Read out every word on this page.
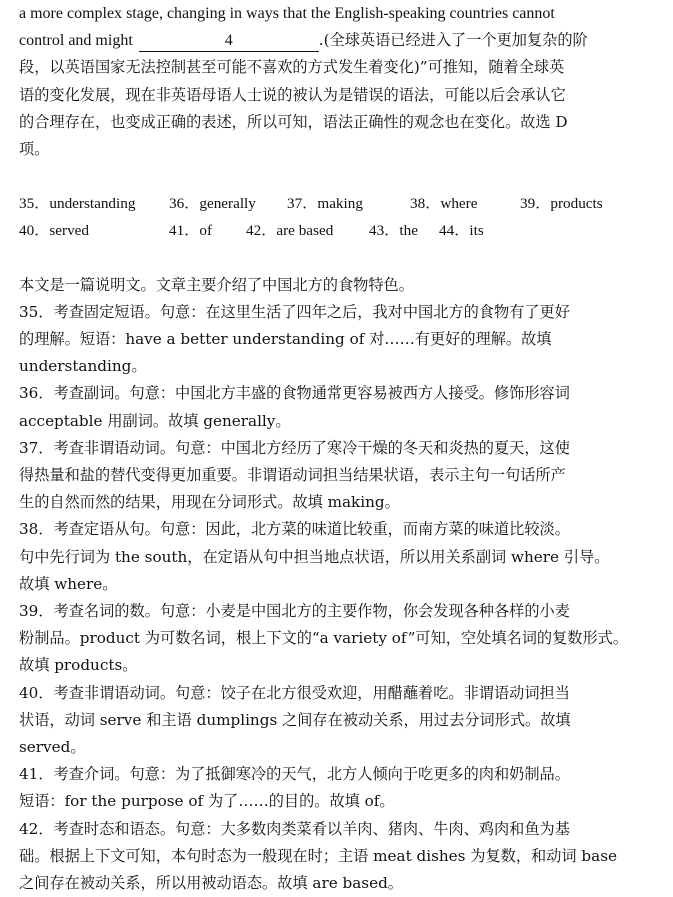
a more complex stage, changing in ways that the English-speaking countries cannot
control and might	4	.(全球英语已经进入了一个更加复杂的阶
段，以英语国家无法控制甚至可能不喜欢的方式发生着变化)”可推知，随着全球英
语的变化发展，现在非英语母语人士说的被认为是错误的语法，可能以后会承认它
的合理存在，也变成正确的表述，所以可知，语法正确性的观念也在变化。故选 D
项。
35．understanding 36．generally 37．making	38．where	39．products
40．served	41．of 42．are based 43．the 44．its
本文是一篇说明文。文章主要介绍了中国北方的食物特色。
35．考查固定短语。句意：在这里生活了四年之后，我对中国北方的食物有了更好
的理解。短语：have a better understanding of 对……有更好的理解。故填
understanding。
36．考查副词。句意：中国北方丰盛的食物通常更容易被西方人接受。修饰形容词
acceptable 用副词。故填 generally。
37．考查非谓语动词。句意：中国北方经历了寒冷干燥的冬天和炎热的夏天，这使
得热量和盐的替代变得更加重要。非谓语动词担当结果状语，表示主句一句话所产
生的自然而然的结果，用现在分词形式。故填 making。
38．考查定语从句。句意：因此，北方菜的味道比较重，而南方菜的味道比较淡。
句中先行词为 the south，在定语从句中担当地点状语，所以用关系副词 where 引导。
故填 where。
39．考查名词的数。句意：小麦是中国北方的主要作物，你会发现各种各样的小麦
粉制品。product 为可数名词，根上下文的“a variety of”可知，空处填名词的复数形式。
故填 products。
40．考查非谓语动词。句意：饺子在北方很受欢迎，用醋蘸着吃。非谓语动词担当
状语，动词 serve 和主语 dumplings 之间存在被动关系，用过去分词形式。故填
served。
41．考查介词。句意：为了抵御寒冷的天气，北方人倾向于吃更多的肉和奶制品。
短语：for the purpose of 为了……的目的。故填 of。
42．考查时态和语态。句意：大多数肉类菜肴以羊肉、猪肉、牛肉、鸡肉和鱼为基
础。根据上下文可知，本句时态为一般现在时；主语 meat dishes 为复数，和动词 base
之间存在被动关系，所以用被动语态。故填 are based。
